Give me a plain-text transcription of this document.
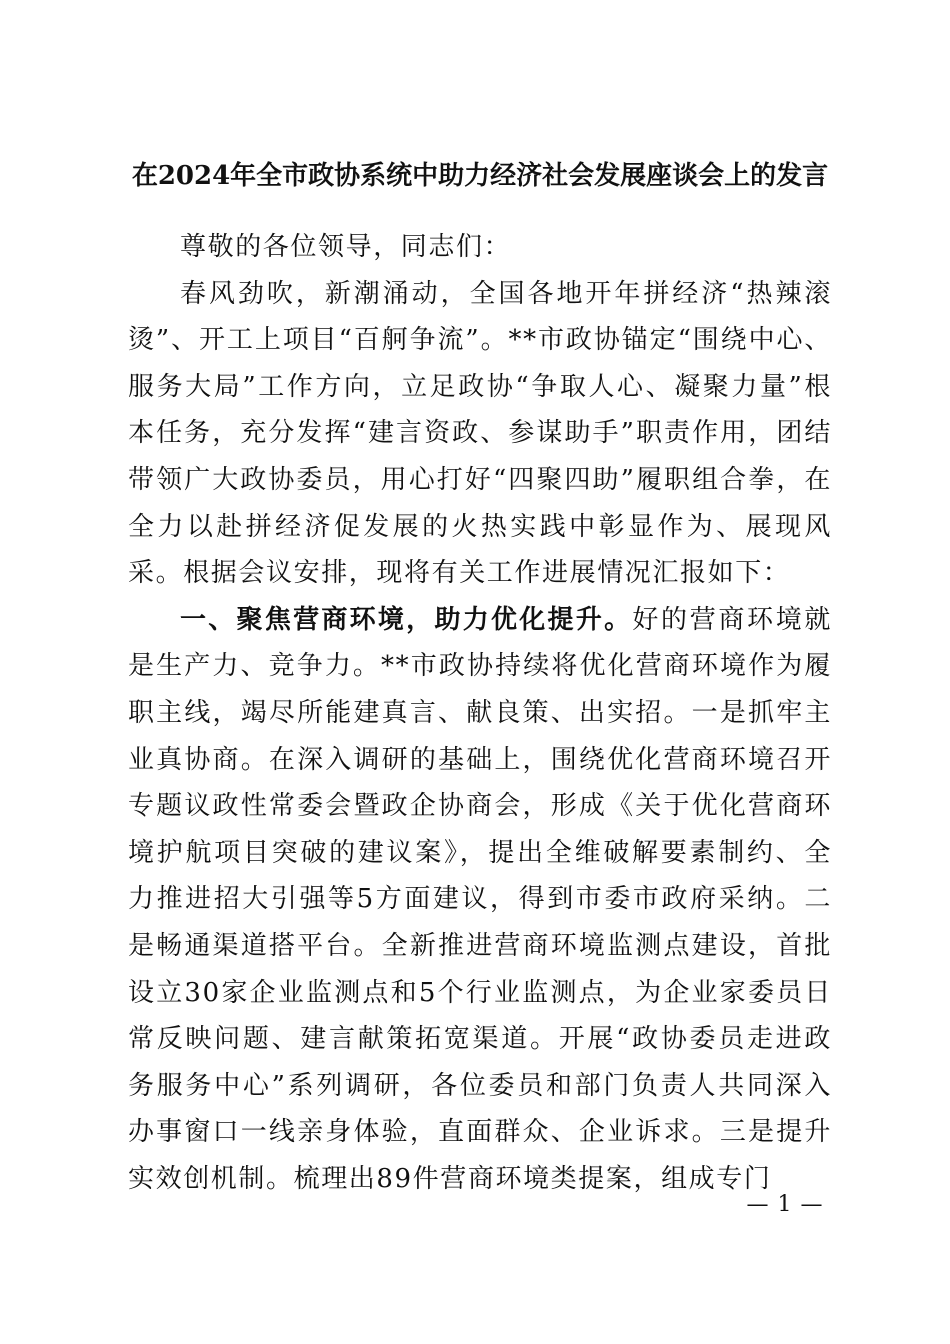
在2024年全市政协系统中助力经济社会发展座谈会上的发言

尊敬的各位领导，同志们：

春风劲吹，新潮涌动，全国各地开年拼经济“热辣滚烫”、开工上项目“百舸争流”。**市政协锚定“围绕中心、服务大局”工作方向，立足政协“争取人心、凝聚力量”根本任务，充分发挥“建言资政、参谋助手”职责作用，团结带领广大政协委员，用心打好“四聚四助”履职组合拳，在全力以赴拼经济促发展的火热实践中彰显作为、展现风采。根据会议安排，现将有关工作进展情况汇报如下：

一、聚焦营商环境，助力优化提升。好的营商环境就是生产力、竞争力。**市政协持续将优化营商环境作为履职主线，竭尽所能建真言、献良策、出实招。一是抓牢主业真协商。在深入调研的基础上，围绕优化营商环境召开专题议政性常委会暨政企协商会，形成《关于优化营商环境护航项目突破的建议案》，提出全维破解要素制约、全力推进招大引强等5方面建议，得到市委市政府采纳。二是畅通渠道搭平台。全新推进营商环境监测点建设，首批设立30家企业监测点和5个行业监测点，为企业家委员日常反映问题、建言献策拓宽渠道。开展“政协委员走进政务服务中心”系列调研，各位委员和部门负责人共同深入办事窗口一线亲身体验，直面群众、企业诉求。三是提升实效创机制。梳理出89件营商环境类提案，组成专门

— 1 —
